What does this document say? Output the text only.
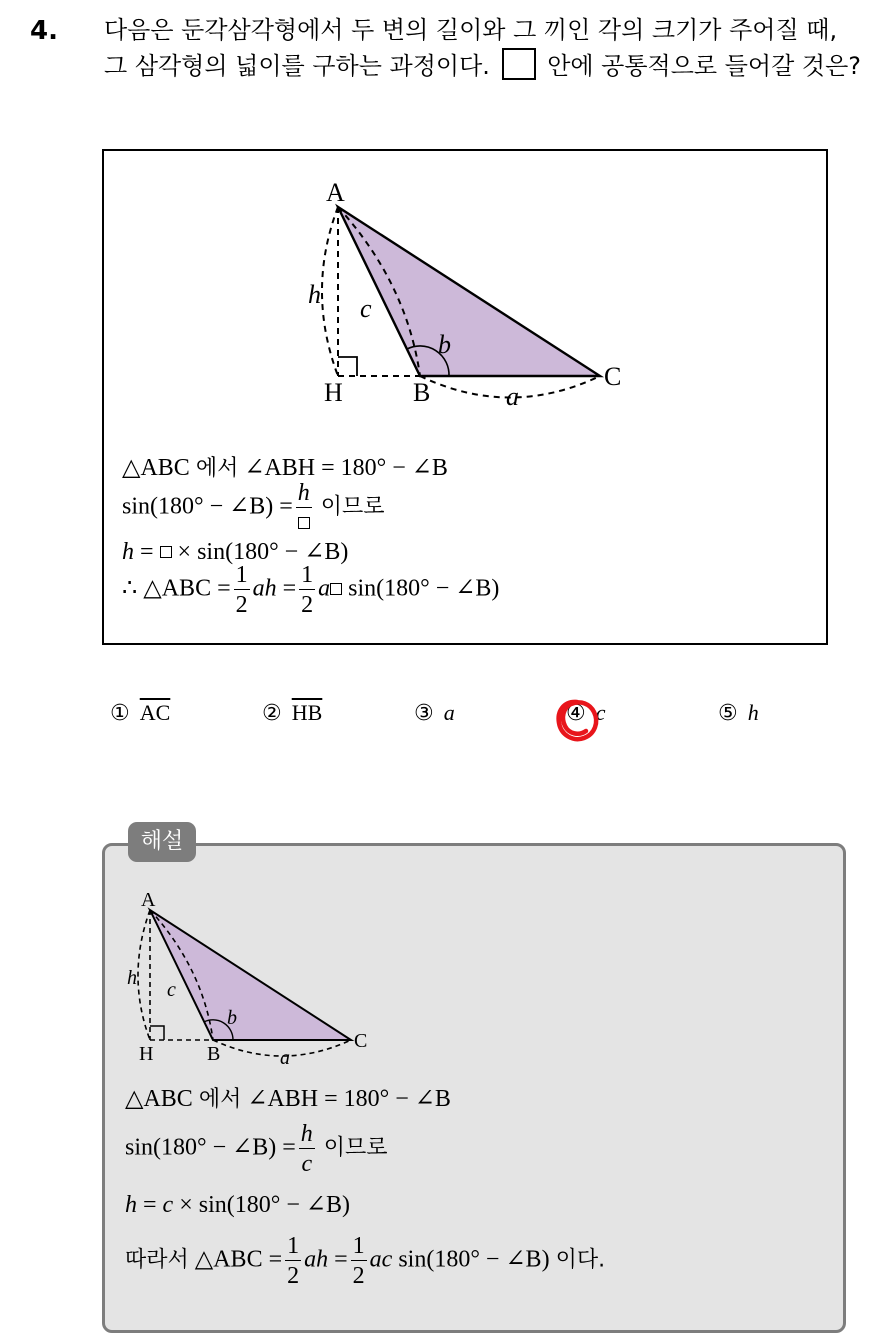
4. 다음은 둔각삼각형에서 두 변의 길이와 그 끼인 각의 크기가 주어질 때, 그 삼각형의 넓이를 구하는 과정이다. 안에 공통적으로 들어갈 것은?
A
H	B
C
h c
b
a
△ABC 에서 ∠ABH = 180° − ∠B
sin(180° − ∠B) =
h
이므로
h = × sin(180° − ∠B)
∴ △ABC = $\frac{1}{2}$ ah = $\frac{1}{2}$ a sin(180° − ∠B)
① $\overline{AC}$	② $\overline{HB}$	③ a	④ c	⑤ h
A
H	B
C
h
c
b
a
△ABC 에서 ∠ABH = 180° − ∠B
sin(180° − ∠B) = $\frac{h}{c}$ 이므로
h = c × sin(180° − ∠B)
따라서 △ABC = $\frac{1}{2}$ ah = $\frac{1}{2}$ ac sin(180° − ∠B) 이다.
해설
